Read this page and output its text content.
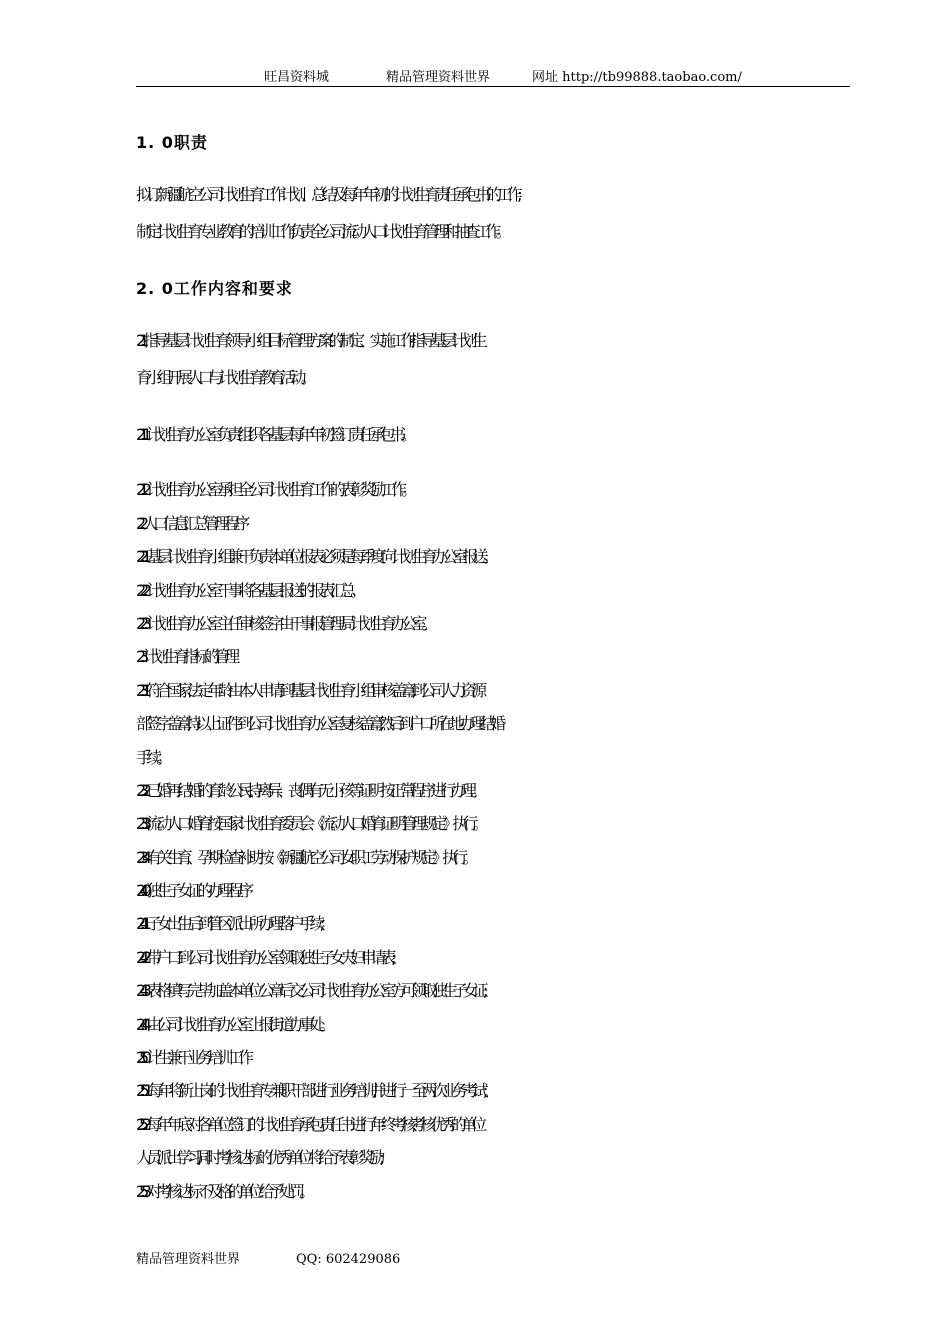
旺昌资料城	精品管理资料世界	网址 http://tb99888.taobao.com/
1. 0职责
拟订新疆航空公司计划生育工作计划、总结及每年年初的计划生育责任承包书的工作;
制定计划生育专业教育的培训工作; 负责全公司流动人口计划生育管理和抽查工作。
2. 0工作内容和要求
2. 1 指导基层计划生育领导小组目标管理方案的制定、实施工作; 指导基层计划生
育小组开展人口与计划生育教育活动。
2. 1. 1 计划生育办公室负责组织各基层每年年初签订责任承包书。
2. 1. 2计划生育办公室承担全公司计划生育工作的表彰奖励工作。
2. 2 人口信息汇总管理程序
2. 2. 1基层计划生育小组兼干负责本单位报表必须是每季度向计划生育办公室报送。
2. 2. 2计划生育办公室干事将各基层报送的报表汇总。
2. 2. 3计划生育办公室主任审核签字由干事报管理局计划生育办公室。
2. 3 计划生育指标的管理
2. 3. 1符合国家法定年龄由本人申请到基层计划生育小组审核盖章, 到公司人力资源
部签字盖章, 持以上证件到公司计划生育办公室复核盖章, 然后到户口所在地办理结婚
手续。
2. 3. 2已婚再结婚的育龄公民, 持离异、丧偶有无小孩等证明按正常程序进行办理。
2. 3. 3流动人口婚育按国家计划生育委员会《流动人口婚育证明管理规定》执行。
2. 3. 4有关生育、孕期检查补助按《新疆航空公司女职工劳动保护规定》执行。
2. 4. 0独生子女证的办理程序
2. 4. 1子女出生后到管区派出所办理落户手续;
2. 4. 2带户口到公司计划生育办公室领取独生子女夫妇申请表;
2. 4. 3表格填写完毕加盖本单位公章后交公司计划生育办公室方可领取独生子女证;
2. 4. 4由公司计划生育办公室上报街道办事处。
2. 5. 0计生兼干业务培训工作
2.5.1每年将新上岗的计划生育专兼职干部进行业务培训, 并进行一至两次业务考试;
2. 5. 2每年年底对各单位签订的计划生育承包责任书进行年终考核, 考核优秀的单位
人员派出学习, 同时考核达标的优秀单位将给予表彰奖励;
2. 5. 3对考核达标不及格的单位给予处罚。
精品管理资料世界	QQ: 602429086
